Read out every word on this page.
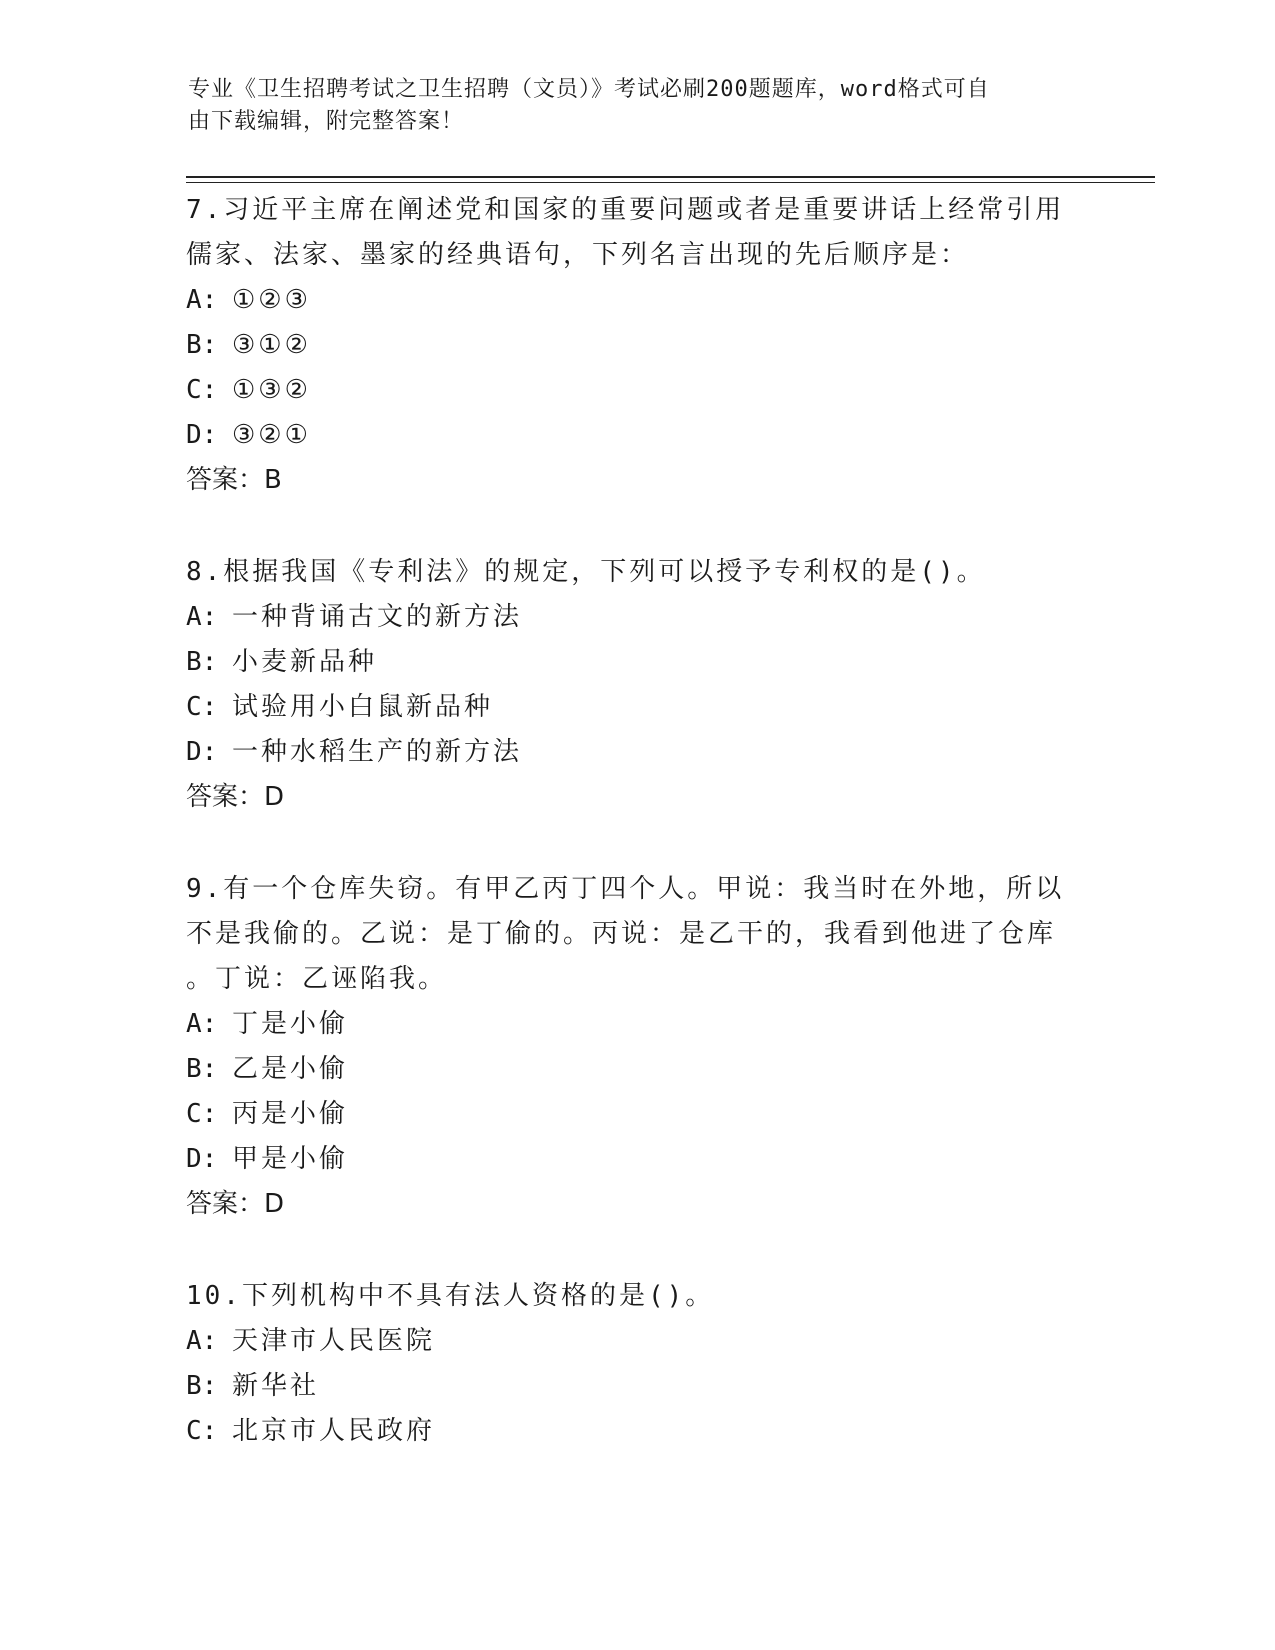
专业《卫生招聘考试之卫生招聘（文员）》考试必刷200题题库，word格式可自
由下载编辑，附完整答案！
7.习近平主席在阐述党和国家的重要问题或者是重要讲话上经常引用
儒家、法家、墨家的经典语句，下列名言出现的先后顺序是：
A: ①②③
B: ③①②
C: ①③②
D: ③②①
答案：B
8.根据我国《专利法》的规定，下列可以授予专利权的是()。
A: 一种背诵古文的新方法
B: 小麦新品种
C: 试验用小白鼠新品种
D: 一种水稻生产的新方法
答案：D
9.有一个仓库失窃。有甲乙丙丁四个人。甲说：我当时在外地，所以
不是我偷的。乙说：是丁偷的。丙说：是乙干的，我看到他进了仓库
。丁说：乙诬陷我。
A: 丁是小偷
B: 乙是小偷
C: 丙是小偷
D: 甲是小偷
答案：D
10.下列机构中不具有法人资格的是()。
A: 天津市人民医院
B: 新华社
C: 北京市人民政府
